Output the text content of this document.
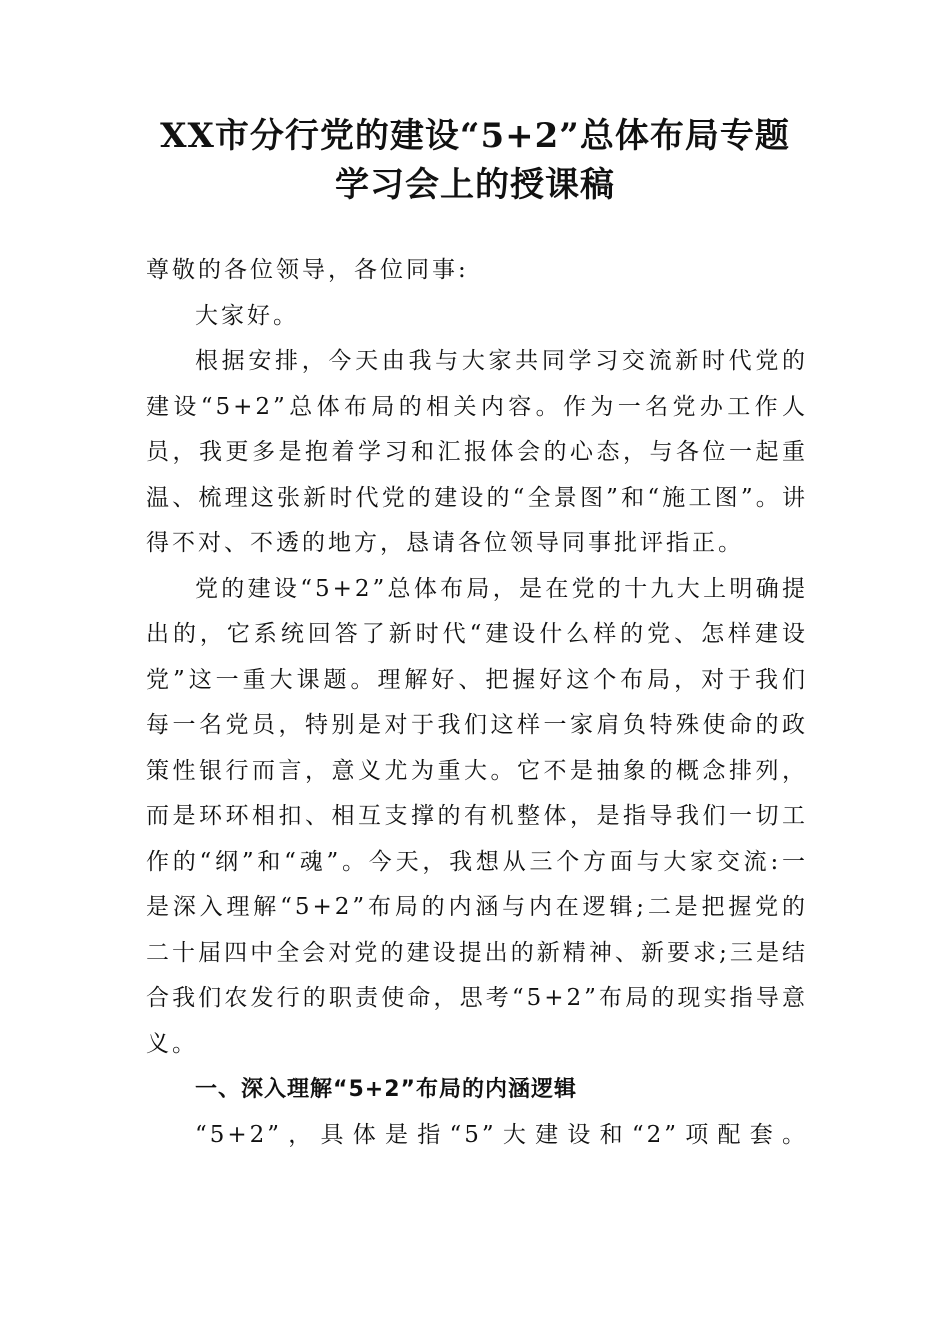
XX市分行党的建设“5+2”总体布局专题
学习会上的授课稿

尊敬的各位领导，各位同事:

大家好。

根据安排，今天由我与大家共同学习交流新时代党的建设“5+2”总体布局的相关内容。作为一名党办工作人员，我更多是抱着学习和汇报体会的心态，与各位一起重温、梳理这张新时代党的建设的“全景图”和“施工图”。讲得不对、不透的地方，恳请各位领导同事批评指正。

党的建设“5+2”总体布局，是在党的十九大上明确提出的，它系统回答了新时代“建设什么样的党、怎样建设党”这一重大课题。理解好、把握好这个布局，对于我们每一名党员，特别是对于我们这样一家肩负特殊使命的政策性银行而言，意义尤为重大。它不是抽象的概念排列，而是环环相扣、相互支撑的有机整体，是指导我们一切工作的“纲”和“魂”。今天，我想从三个方面与大家交流:一是深入理解“5+2”布局的内涵与内在逻辑;二是把握党的二十届四中全会对党的建设提出的新精神、新要求;三是结合我们农发行的职责使命，思考“5+2”布局的现实指导意义。

一、深入理解“5+2”布局的内涵逻辑

“5+2”，具体是指“5”大建设和“2”项配套。
